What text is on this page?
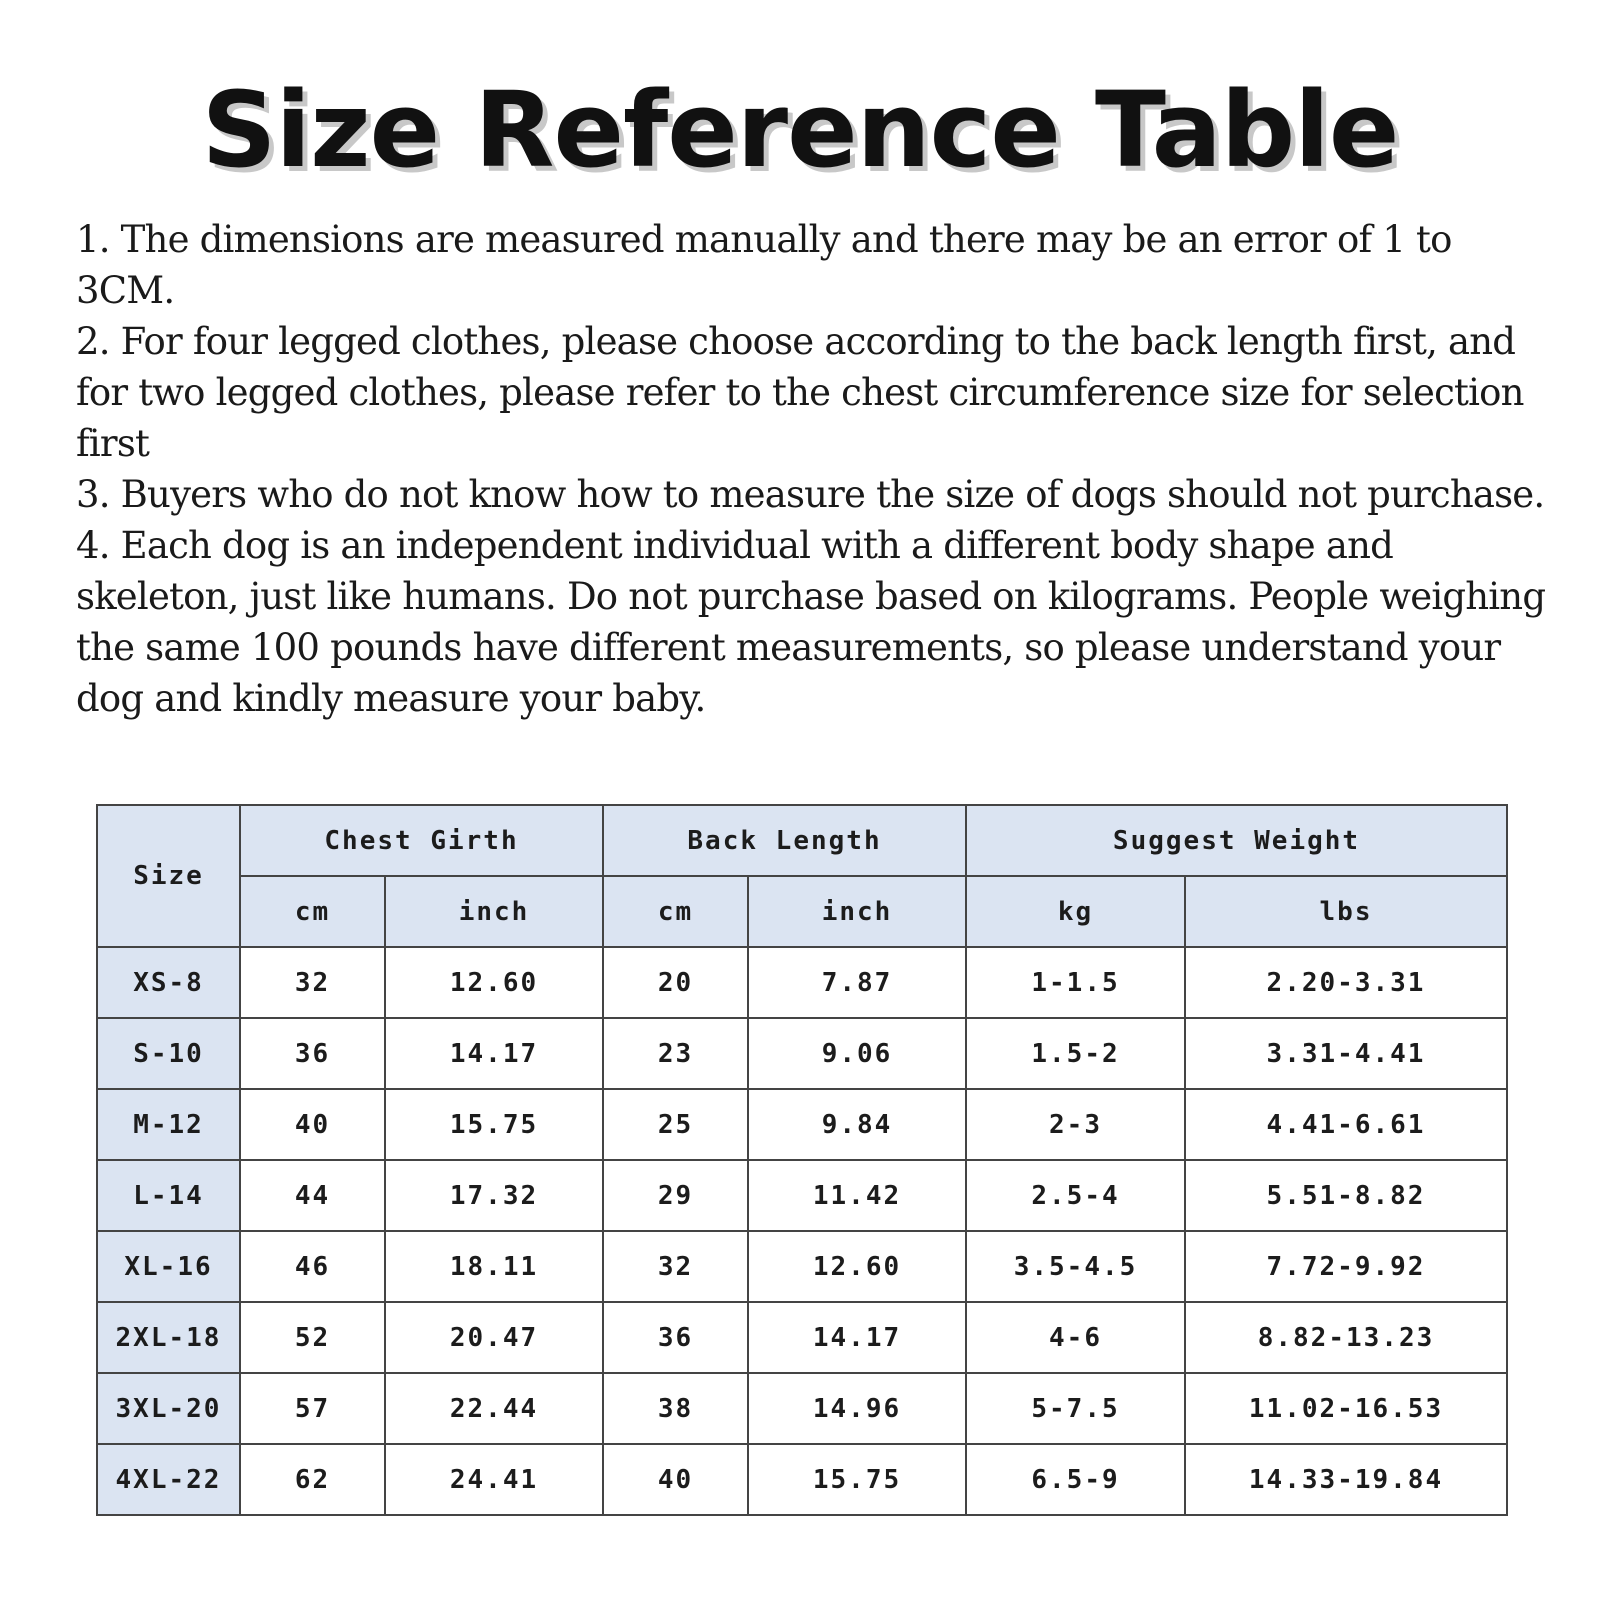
Size Reference Table

1. The dimensions are measured manually and there may be an error of 1 to 3CM.

2. For four legged clothes, please choose according to the back length first, and for two legged clothes, please refer to the chest circumference size for selection first

3. Buyers who do not know how to measure the size of dogs should not purchase.

4. Each dog is an independent individual with a different body shape and skeleton, just like humans. Do not purchase based on kilograms. People weighing the same 100 pounds have different measurements, so please understand your dog and kindly measure your baby.

Size	Chest Girth		Back Length		Suggest Weight	
	cm	inch	cm	inch	kg	lbs
XS-8	32	12.60	20	7.87	1-1.5	2.20-3.31
S-10	36	14.17	23	9.06	1.5-2	3.31-4.41
M-12	40	15.75	25	9.84	2-3	4.41-6.61
L-14	44	17.32	29	11.42	2.5-4	5.51-8.82
XL-16	46	18.11	32	12.60	3.5-4.5	7.72-9.92
2XL-18	52	20.47	36	14.17	4-6	8.82-13.23
3XL-20	57	22.44	38	14.96	5-7.5	11.02-16.53
4XL-22	62	24.41	40	15.75	6.5-9	14.33-19.84
